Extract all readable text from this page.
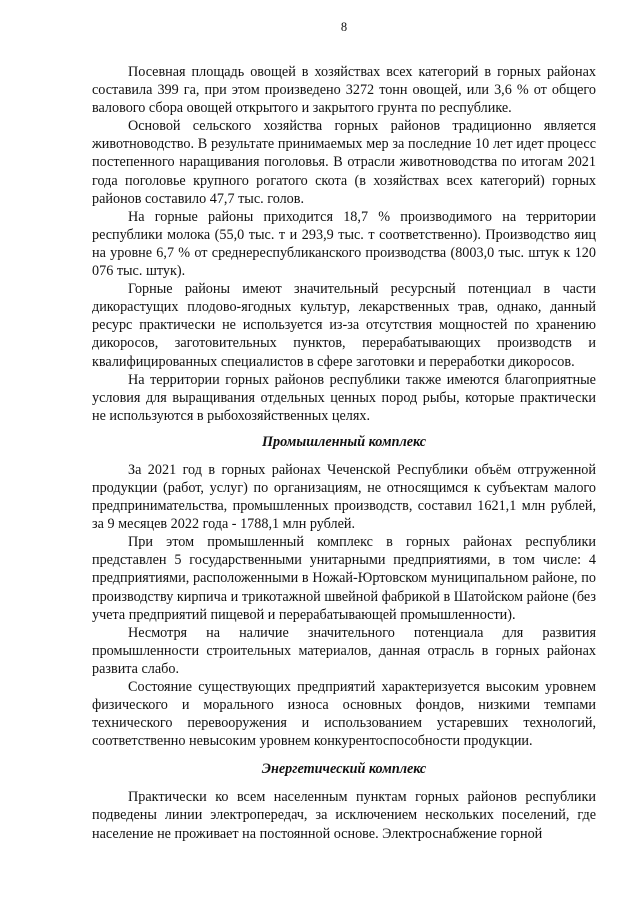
8

Посевная площадь овощей в хозяйствах всех категорий в горных районах составила 399 га, при этом произведено 3272 тонн овощей, или 3,6 % от общего валового сбора овощей открытого и закрытого грунта по республике.

Основой сельского хозяйства горных районов традиционно является животноводство. В результате принимаемых мер за последние 10 лет идет процесс постепенного наращивания поголовья. В отрасли животноводства по итогам 2021 года поголовье крупного рогатого скота (в хозяйствах всех категорий) горных районов составило 47,7 тыс. голов.

На горные районы приходится 18,7 % производимого на территории республики молока (55,0 тыс. т и 293,9 тыс. т соответственно). Производство яиц на уровне 6,7 % от среднереспубликанского производства (8003,0 тыс. штук к 120 076 тыс. штук).

Горные районы имеют значительный ресурсный потенциал в части дикорастущих плодово-ягодных культур, лекарственных трав, однако, данный ресурс практически не используется из-за отсутствия мощностей по хранению дикоросов, заготовительных пунктов, перерабатывающих производств и квалифицированных специалистов в сфере заготовки и переработки дикоросов.

На территории горных районов республики также имеются благоприятные условия для выращивания отдельных ценных пород рыбы, которые практически не используются в рыбохозяйственных целях.

Промышленный комплекс

За 2021 год в горных районах Чеченской Республики объём отгруженной продукции (работ, услуг) по организациям, не относящимся к субъектам малого предпринимательства, промышленных производств, составил 1621,1 млн рублей, за 9 месяцев 2022 года - 1788,1 млн рублей.

При этом промышленный комплекс в горных районах республики представлен 5 государственными унитарными предприятиями, в том числе: 4 предприятиями, расположенными в Ножай-Юртовском муниципальном районе, по производству кирпича и трикотажной швейной фабрикой в Шатойском районе (без учета предприятий пищевой и перерабатывающей промышленности).

Несмотря на наличие значительного потенциала для развития промышленности строительных материалов, данная отрасль в горных районах развита слабо.

Состояние существующих предприятий характеризуется высоким уровнем физического и морального износа основных фондов, низкими темпами технического перевооружения и использованием устаревших технологий, соответственно невысоким уровнем конкурентоспособности продукции.

Энергетический комплекс

Практически ко всем населенным пунктам горных районов республики подведены линии электропередач, за исключением нескольких поселений, где население не проживает на постоянной основе. Электроснабжение горной
